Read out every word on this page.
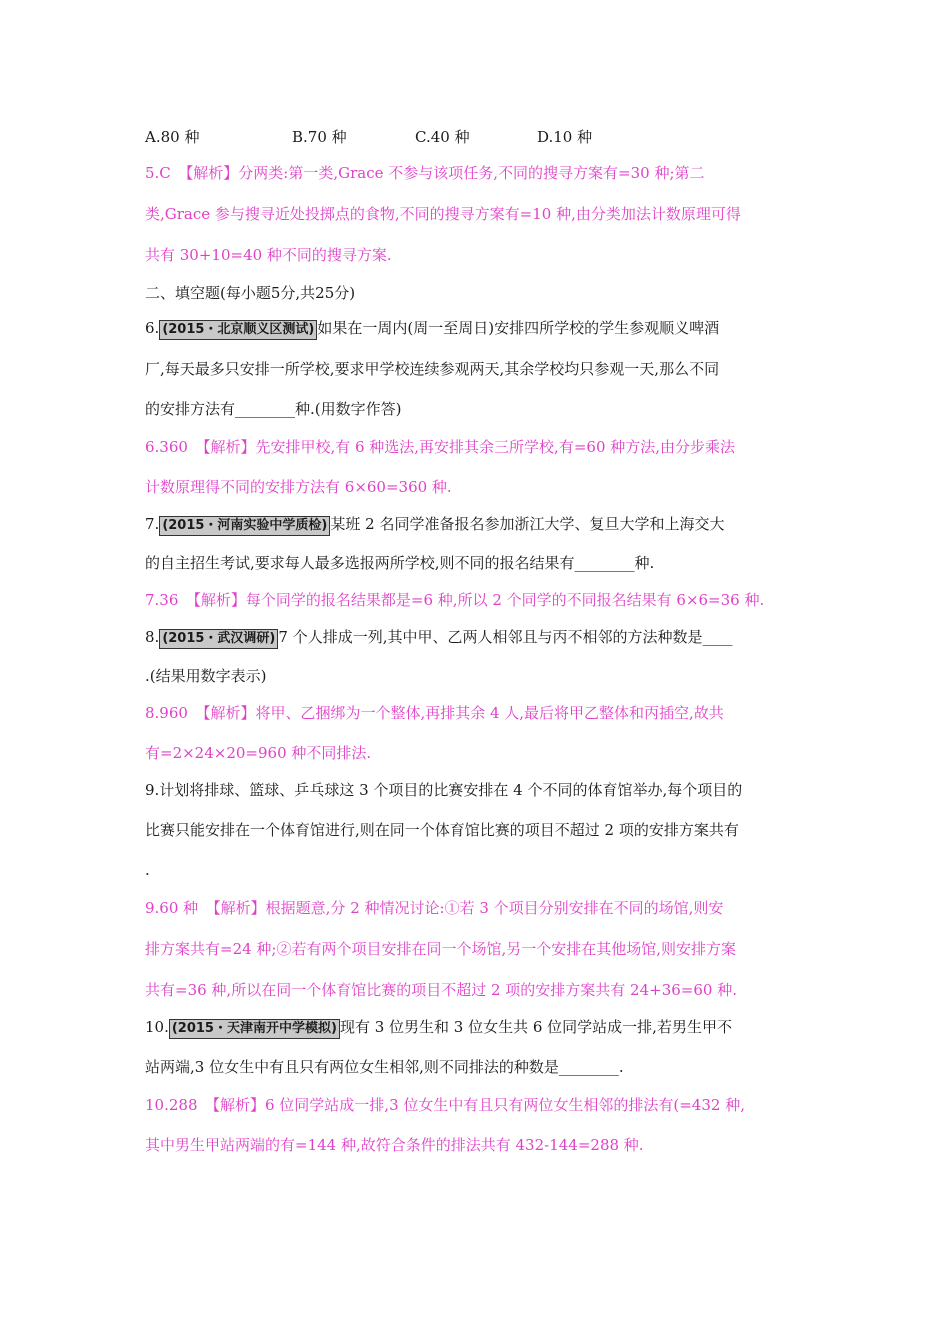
A.80 种	B.70 种	C.40 种	D.10 种
5.C　【解析】分两类:第一类,Grace 不参与该项任务,不同的搜寻方案有=30 种;第二
类,Grace 参与搜寻近处投掷点的食物,不同的搜寻方案有=10 种,由分类加法计数原理可得
共有 30+10=40 种不同的搜寻方案.
二、填空题(每小题5分,共25分)
6. (2015・北京顺义区测试) 如果在一周内(周一至周日)安排四所学校的学生参观顺义啤酒
厂,每天最多只安排一所学校,要求甲学校连续参观两天,其余学校均只参观一天,那么不同
的安排方法有________种.(用数字作答)
6.360　【解析】先安排甲校,有 6 种选法,再安排其余三所学校,有=60 种方法,由分步乘法
计数原理得不同的安排方法有 6×60=360 种.
7. (2015・河南实验中学质检) 某班 2 名同学准备报名参加浙江大学、复旦大学和上海交大
的自主招生考试,要求每人最多选报两所学校,则不同的报名结果有________种.
7.36　【解析】每个同学的报名结果都是=6 种,所以 2 个同学的不同报名结果有 6×6=36 种.
8. (2015・武汉调研) 7 个人排成一列,其中甲、乙两人相邻且与丙不相邻的方法种数是____
.(结果用数字表示)
8.960　【解析】将甲、乙捆绑为一个整体,再排其余 4 人,最后将甲乙整体和丙插空,故共
有=2×24×20=960 种不同排法.
9.计划将排球、篮球、乒乓球这 3 个项目的比赛安排在 4 个不同的体育馆举办,每个项目的
比赛只能安排在一个体育馆进行,则在同一个体育馆比赛的项目不超过 2 项的安排方案共有
.
9.60 种　【解析】根据题意,分 2 种情况讨论:①若 3 个项目分别安排在不同的场馆,则安
排方案共有=24 种;②若有两个项目安排在同一个场馆,另一个安排在其他场馆,则安排方案
共有=36 种,所以在同一个体育馆比赛的项目不超过 2 项的安排方案共有 24+36=60 种.
10. (2015・天津南开中学模拟) 现有 3 位男生和 3 位女生共 6 位同学站成一排,若男生甲不
站两端,3 位女生中有且只有两位女生相邻,则不同排法的种数是________.
10.288　【解析】6 位同学站成一排,3 位女生中有且只有两位女生相邻的排法有(=432 种,
其中男生甲站两端的有=144 种,故符合条件的排法共有 432-144=288 种.
